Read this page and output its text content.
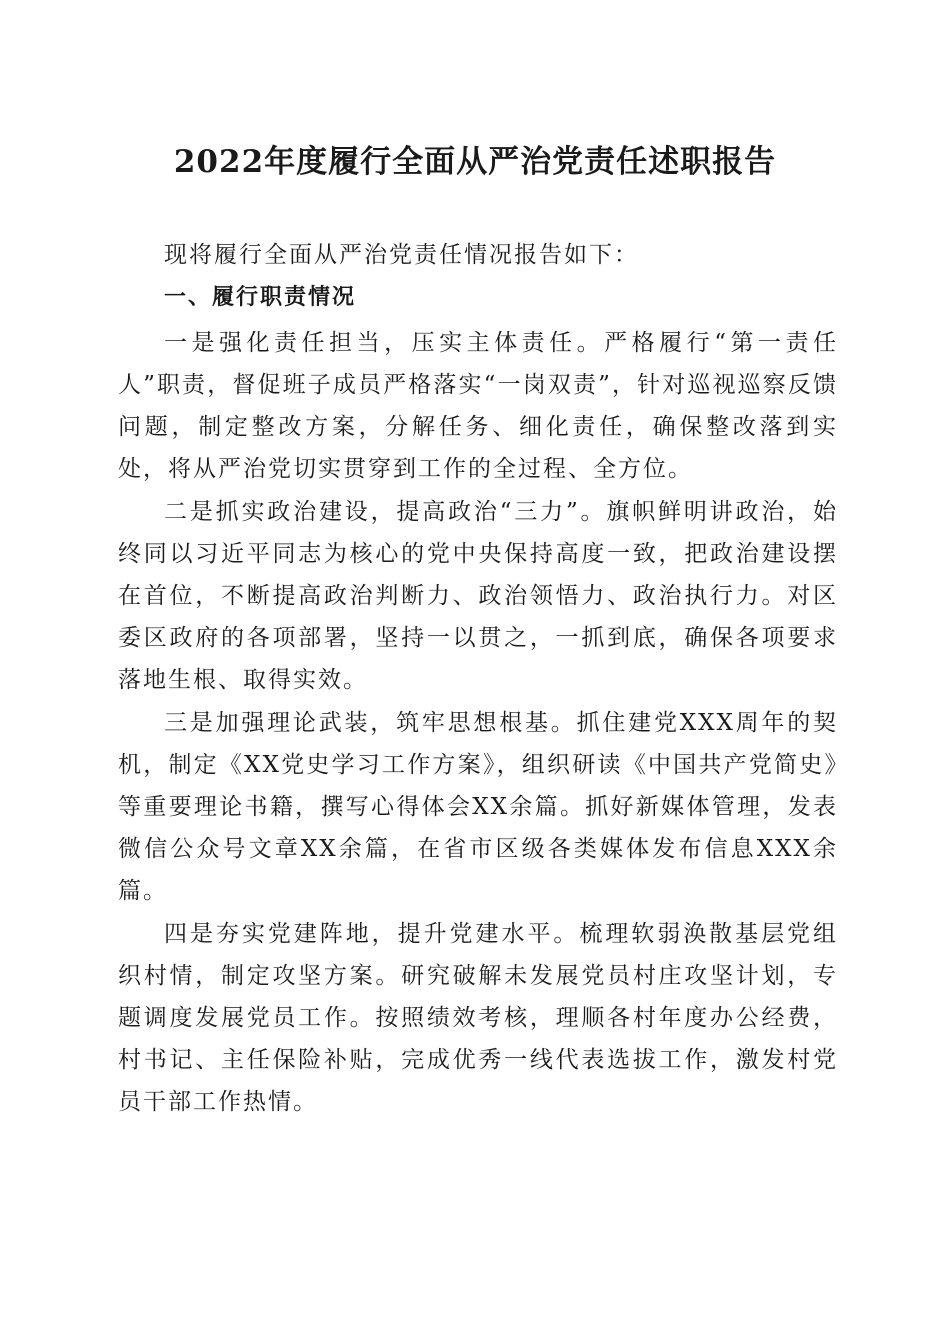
2022年度履行全面从严治党责任述职报告

现将履行全面从严治党责任情况报告如下：

一、履行职责情况

一是强化责任担当，压实主体责任。严格履行“第一责任人”职责，督促班子成员严格落实“一岗双责”，针对巡视巡察反馈问题，制定整改方案，分解任务、细化责任，确保整改落到实处，将从严治党切实贯穿到工作的全过程、全方位。

二是抓实政治建设，提高政治“三力”。旗帜鲜明讲政治，始终同以习近平同志为核心的党中央保持高度一致，把政治建设摆在首位，不断提高政治判断力、政治领悟力、政治执行力。对区委区政府的各项部署，坚持一以贯之，一抓到底，确保各项要求落地生根、取得实效。

三是加强理论武装，筑牢思想根基。抓住建党XXX周年的契机，制定《XX党史学习工作方案》，组织研读《中国共产党简史》等重要理论书籍，撰写心得体会XX余篇。抓好新媒体管理，发表微信公众号文章XX余篇，在省市区级各类媒体发布信息XXX余篇。

四是夯实党建阵地，提升党建水平。梳理软弱涣散基层党组织村情，制定攻坚方案。研究破解未发展党员村庄攻坚计划，专题调度发展党员工作。按照绩效考核，理顺各村年度办公经费，村书记、主任保险补贴，完成优秀一线代表选拔工作，激发村党员干部工作热情。
